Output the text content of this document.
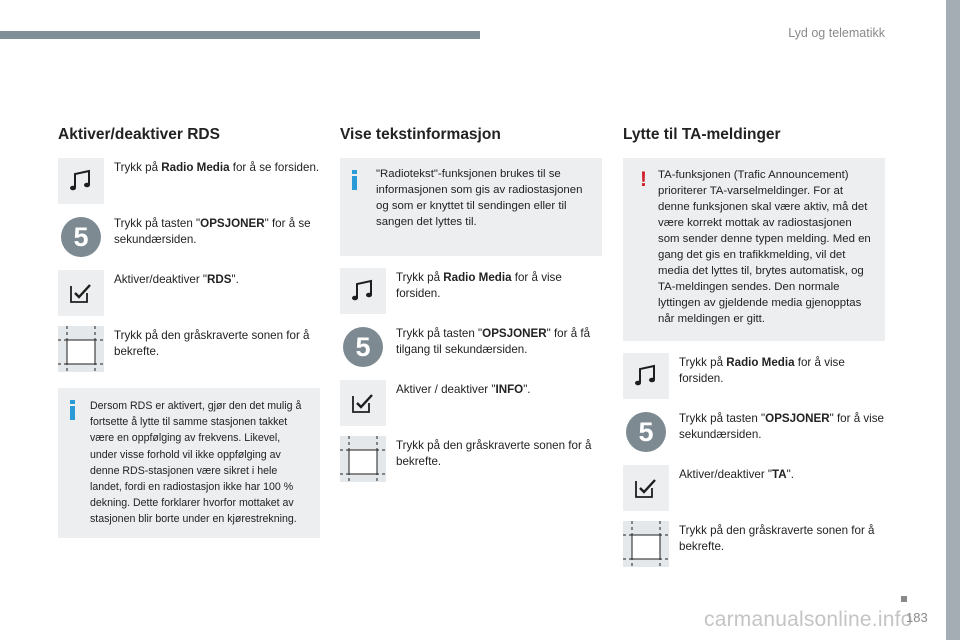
Lyd og telematikk
Aktiver/deaktiver RDS
Trykk på Radio Media for å se forsiden.
5	Trykk på tasten "OPSJONER" for å se sekundærsiden.
Aktiver/deaktiver "RDS".
Trykk på den gråskraverte sonen for å bekrefte.
Dersom RDS er aktivert, gjør den det mulig å fortsette å lytte til samme stasjonen takket være en oppfølging av frekvens. Likevel, under visse forhold vil ikke oppfølging av denne RDS-stasjonen være sikret i hele landet, fordi en radiostasjon ikke har 100 % dekning. Dette forklarer hvorfor mottaket av stasjonen blir borte under en kjørestrekning.
Vise tekstinformasjon
"Radiotekst"-funksjonen brukes til se informasjonen som gis av radiostasjonen og som er knyttet til sendingen eller til sangen det lyttes til.
Trykk på Radio Media for å vise forsiden.
5	Trykk på tasten "OPSJONER" for å få tilgang til sekundærsiden.
Aktiver / deaktiver "INFO".
Trykk på den gråskraverte sonen for å bekrefte.
Lytte til TA-meldinger
! TA-funksjonen (Trafic Announcement) prioriterer TA-varselmeldinger. For at denne funksjonen skal være aktiv, må det være korrekt mottak av radiostasjonen som sender denne typen melding. Med en gang det gis en trafikkmelding, vil det media det lyttes til, brytes automatisk, og TA-meldingen sendes. Den normale lyttingen av gjeldende media gjenopptas når meldingen er gitt.
Trykk på Radio Media for å vise forsiden.
5	Trykk på tasten "OPSJONER" for å vise sekundærsiden.
Aktiver/deaktiver "TA".
Trykk på den gråskraverte sonen for å bekrefte.
carmanualsonline.info
183
